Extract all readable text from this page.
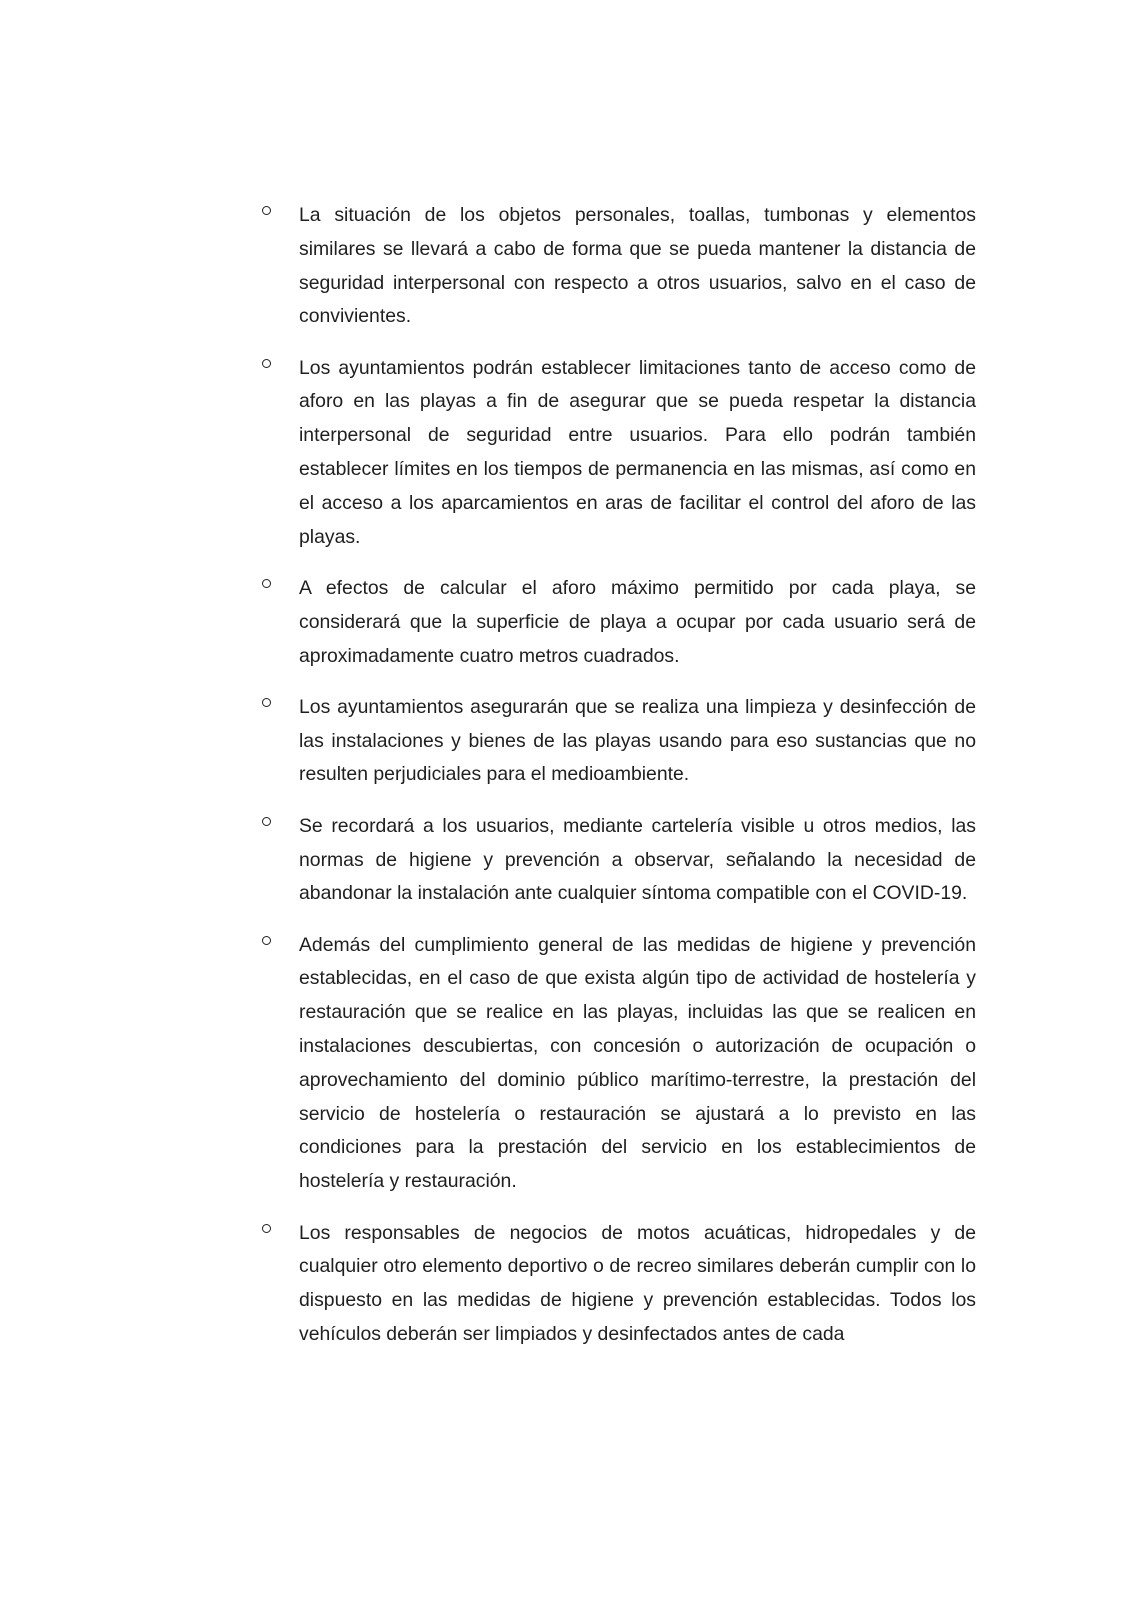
La situación de los objetos personales, toallas, tumbonas y elementos similares se llevará a cabo de forma que se pueda mantener la distancia de seguridad interpersonal con respecto a otros usuarios, salvo en el caso de convivientes.
Los ayuntamientos podrán establecer limitaciones tanto de acceso como de aforo en las playas a fin de asegurar que se pueda respetar la distancia interpersonal de seguridad entre usuarios. Para ello podrán también establecer límites en los tiempos de permanencia en las mismas, así como en el acceso a los aparcamientos en aras de facilitar el control del aforo de las playas.
A efectos de calcular el aforo máximo permitido por cada playa, se considerará que la superficie de playa a ocupar por cada usuario será de aproximadamente cuatro metros cuadrados.
Los ayuntamientos asegurarán que se realiza una limpieza y desinfección de las instalaciones y bienes de las playas usando para eso sustancias que no resulten perjudiciales para el medioambiente.
Se recordará a los usuarios, mediante cartelería visible u otros medios, las normas de higiene y prevención a observar, señalando la necesidad de abandonar la instalación ante cualquier síntoma compatible con el COVID-19.
Además del cumplimiento general de las medidas de higiene y prevención establecidas, en el caso de que exista algún tipo de actividad de hostelería y restauración que se realice en las playas, incluidas las que se realicen en instalaciones descubiertas, con concesión o autorización de ocupación o aprovechamiento del dominio público marítimo-terrestre, la prestación del servicio de hostelería o restauración se ajustará a lo previsto en las condiciones para la prestación del servicio en los establecimientos de hostelería y restauración.
Los responsables de negocios de motos acuáticas, hidropedales y de cualquier otro elemento deportivo o de recreo similares deberán cumplir con lo dispuesto en las medidas de higiene y prevención establecidas. Todos los vehículos deberán ser limpiados y desinfectados antes de cada
